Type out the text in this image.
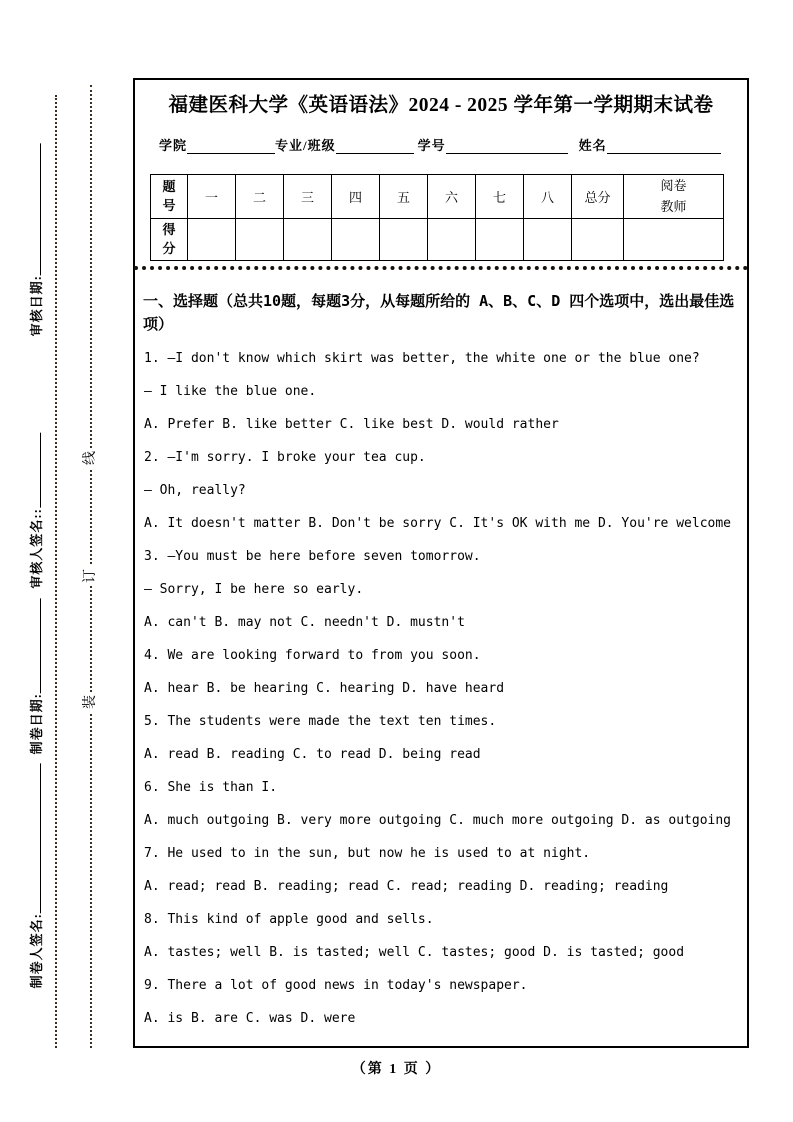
线
订
装
审核日期:
审核人签名::
制卷日期:
制卷人签名:
福建医科大学《英语语法》2024 - 2025 学年第一学期期末试卷
学院	专业/班级	学号	姓名
题号	一	二	三	四	五	六	七	八	总分	阅卷教师
得分										
一、选择题（总共10题，每题3分，从每题所给的 A、B、C、D 四个选项中，选出最佳选项）
1. —I don't know which skirt was better, the white one or the blue one?
— I like the blue one.
A. Prefer B. like better C. like best D. would rather
2. —I'm sorry. I broke your tea cup.
— Oh, really?
A. It doesn't matter B. Don't be sorry C. It's OK with me D. You're welcome
3. —You must be here before seven tomorrow.
— Sorry, I be here so early.
A. can't B. may not C. needn't D. mustn't
4. We are looking forward to from you soon.
A. hear B. be hearing C. hearing D. have heard
5. The students were made the text ten times.
A. read B. reading C. to read D. being read
6. She is than I.
A. much outgoing B. very more outgoing C. much more outgoing D. as outgoing
7. He used to in the sun, but now he is used to at night.
A. read; read B. reading; read C. read; reading D. reading; reading
8. This kind of apple good and sells.
A. tastes; well B. is tasted; well C. tastes; good D. is tasted; good
9. There a lot of good news in today's newspaper.
A. is B. are C. was D. were
（第 1 页 ）
